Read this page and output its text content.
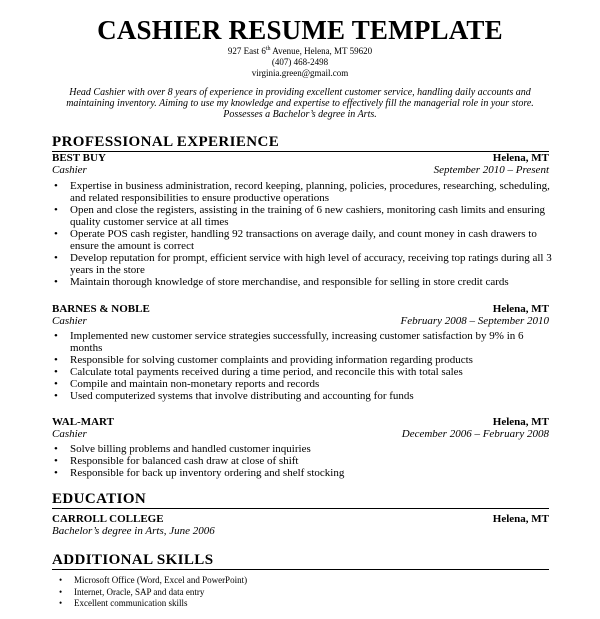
CASHIER RESUME TEMPLATE
927 East 6th Avenue, Helena, MT 59620
(407) 468-2498
virginia.green@gmail.com
Head Cashier with over 8 years of experience in providing excellent customer service, handling daily accounts and maintaining inventory. Aiming to use my knowledge and expertise to effectively fill the managerial role in your store. Possesses a Bachelor’s degree in Arts.
PROFESSIONAL EXPERIENCE
BEST BUY	Helena, MT
Cashier	September 2010 – Present
• Expertise in business administration, record keeping, planning, policies, procedures, researching, scheduling, and related responsibilities to ensure productive operations
• Open and close the registers, assisting in the training of 6 new cashiers, monitoring cash limits and ensuring quality customer service at all times
• Operate POS cash register, handling 92 transactions on average daily, and count money in cash drawers to ensure the amount is correct
• Develop reputation for prompt, efficient service with high level of accuracy, receiving top ratings during all 3 years in the store
• Maintain thorough knowledge of store merchandise, and responsible for selling in store credit cards
BARNES & NOBLE	Helena, MT
Cashier	February 2008 – September 2010
• Implemented new customer service strategies successfully, increasing customer satisfaction by 9% in 6 months
• Responsible for solving customer complaints and providing information regarding products
• Calculate total payments received during a time period, and reconcile this with total sales
• Compile and maintain non-monetary reports and records
• Used computerized systems that involve distributing and accounting for funds
WAL-MART	Helena, MT
Cashier	December 2006 – February 2008
• Solve billing problems and handled customer inquiries
• Responsible for balanced cash draw at close of shift
• Responsible for back up inventory ordering and shelf stocking
EDUCATION
CARROLL COLLEGE	Helena, MT
Bachelor’s degree in Arts, June 2006
ADDITIONAL SKILLS
• Microsoft Office (Word, Excel and PowerPoint)
• Internet, Oracle, SAP and data entry
• Excellent communication skills
